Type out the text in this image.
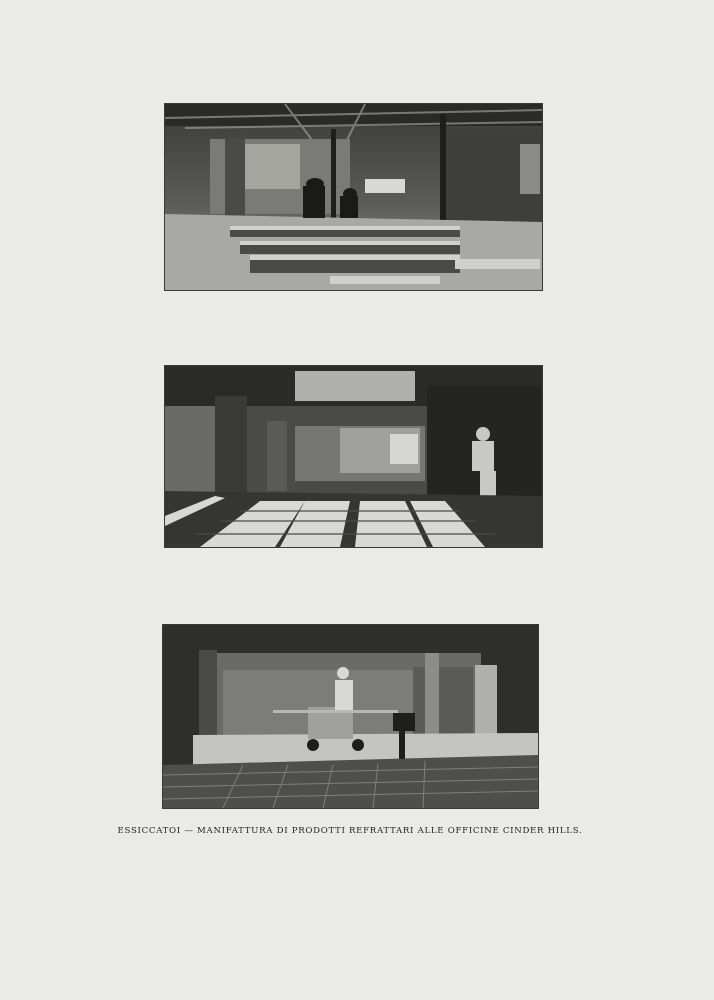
ESSICCATOI — MANIFATTURA DI PRODOTTI REFRATTARI ALLE OFFICINE CINDER HILLS.
